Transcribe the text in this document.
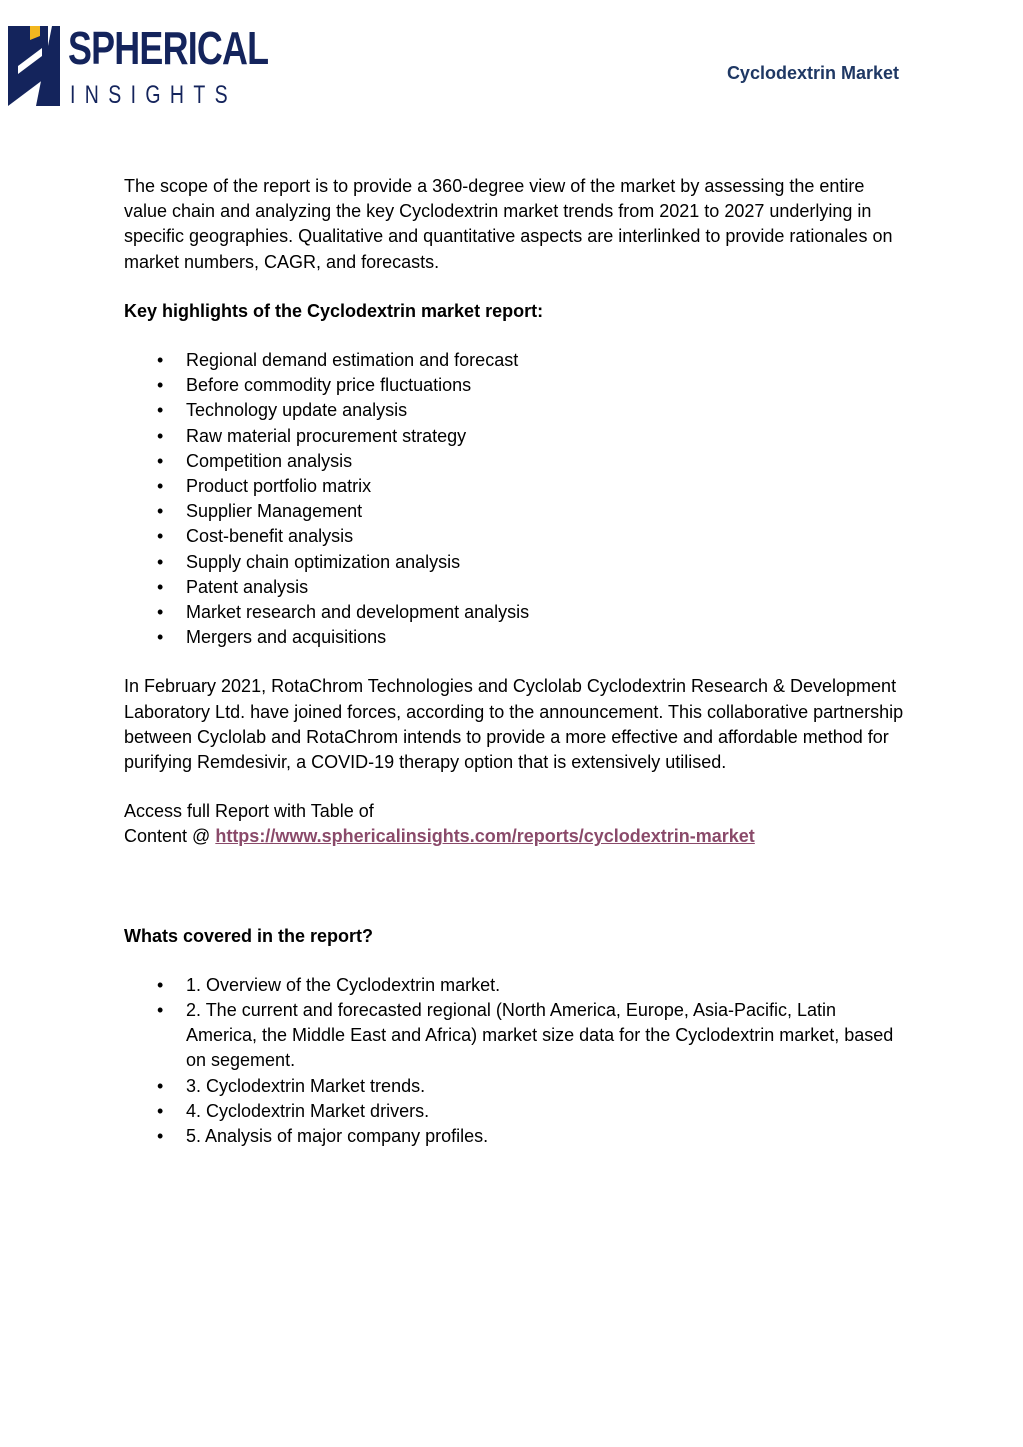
SPHERICAL
INSIGHTS
Cyclodextrin Market

The scope of the report is to provide a 360-degree view of the market by assessing the entire value chain and analyzing the key Cyclodextrin market trends from 2021 to 2027 underlying in specific geographies. Qualitative and quantitative aspects are interlinked to provide rationales on market numbers, CAGR, and forecasts.

Key highlights of the Cyclodextrin market report:

• Regional demand estimation and forecast
• Before commodity price fluctuations
• Technology update analysis
• Raw material procurement strategy
• Competition analysis
• Product portfolio matrix
• Supplier Management
• Cost-benefit analysis
• Supply chain optimization analysis
• Patent analysis
• Market research and development analysis
• Mergers and acquisitions

In February 2021, RotaChrom Technologies and Cyclolab Cyclodextrin Research & Development Laboratory Ltd. have joined forces, according to the announcement. This collaborative partnership between Cyclolab and RotaChrom intends to provide a more effective and affordable method for purifying Remdesivir, a COVID-19 therapy option that is extensively utilised.

Access full Report with Table of

Content @ https://www.sphericalinsights.com/reports/cyclodextrin-market

Whats covered in the report?

• 1. Overview of the Cyclodextrin market.
• 2. The current and forecasted regional (North America, Europe, Asia-Pacific, Latin America, the Middle East and Africa) market size data for the Cyclodextrin market, based on segement.
• 3. Cyclodextrin Market trends.
• 4. Cyclodextrin Market drivers.
• 5. Analysis of major company profiles.
